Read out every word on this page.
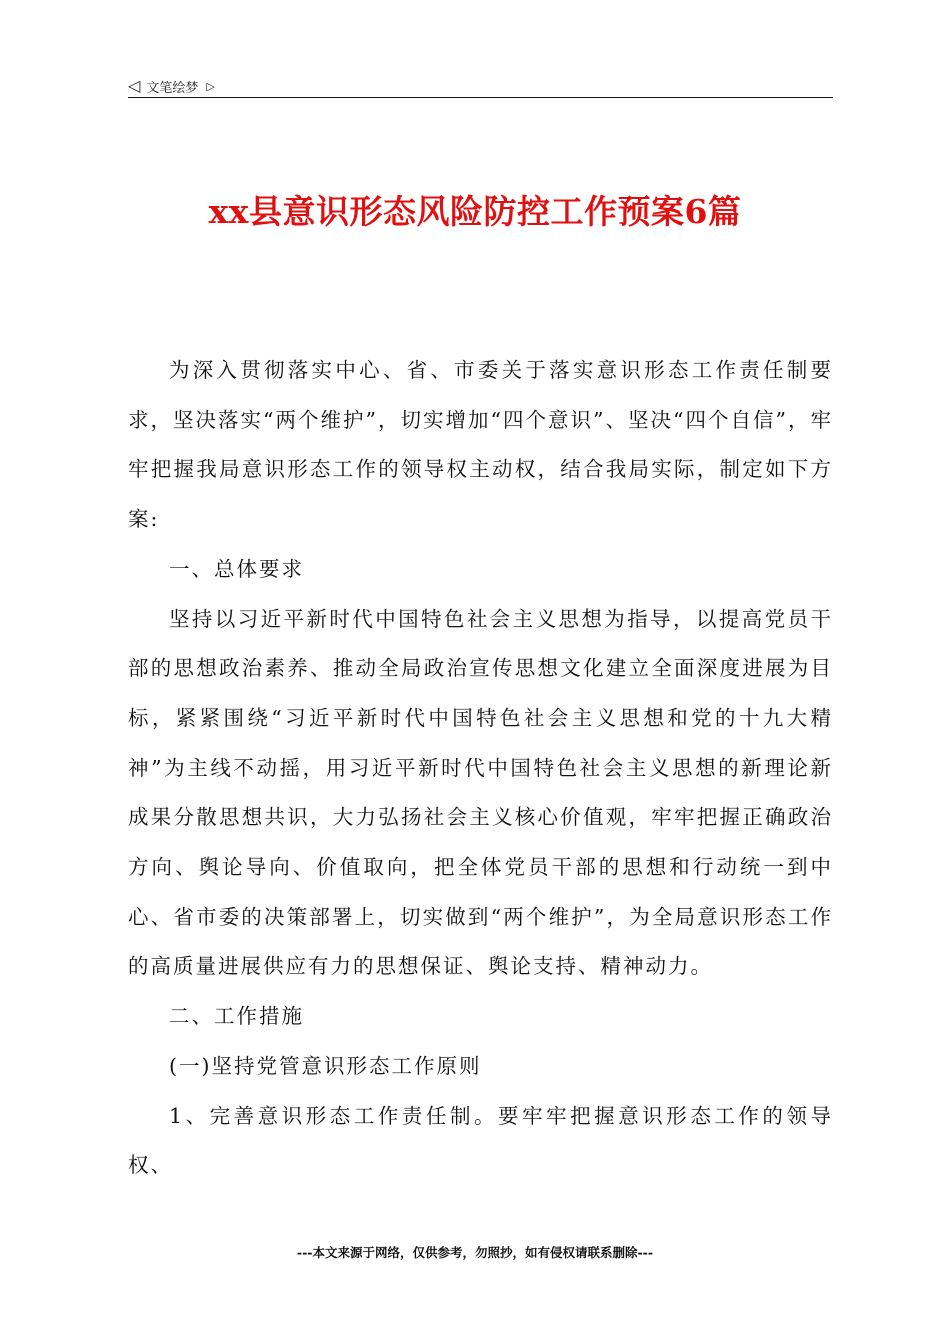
◁ 文笔绘梦 ▷
xx县意识形态风险防控工作预案6篇

为深入贯彻落实中心、省、市委关于落实意识形态工作责任制要求，坚决落实“两个维护”，切实增加“四个意识”、坚决“四个自信”，牢牢把握我局意识形态工作的领导权主动权，结合我局实际，制定如下方案:

一、总体要求

坚持以习近平新时代中国特色社会主义思想为指导，以提高党员干部的思想政治素养、推动全局政治宣传思想文化建立全面深度进展为目标，紧紧围绕“习近平新时代中国特色社会主义思想和党的十九大精神”为主线不动摇，用习近平新时代中国特色社会主义思想的新理论新成果分散思想共识，大力弘扬社会主义核心价值观，牢牢把握正确政治方向、舆论导向、价值取向，把全体党员干部的思想和行动统一到中心、省市委的决策部署上，切实做到“两个维护”，为全局意识形态工作的高质量进展供应有力的思想保证、舆论支持、精神动力。

二、工作措施

(一)坚持党管意识形态工作原则

1、完善意识形态工作责任制。要牢牢把握意识形态工作的领导权、

---本文来源于网络，仅供参考，勿照抄，如有侵权请联系删除---
